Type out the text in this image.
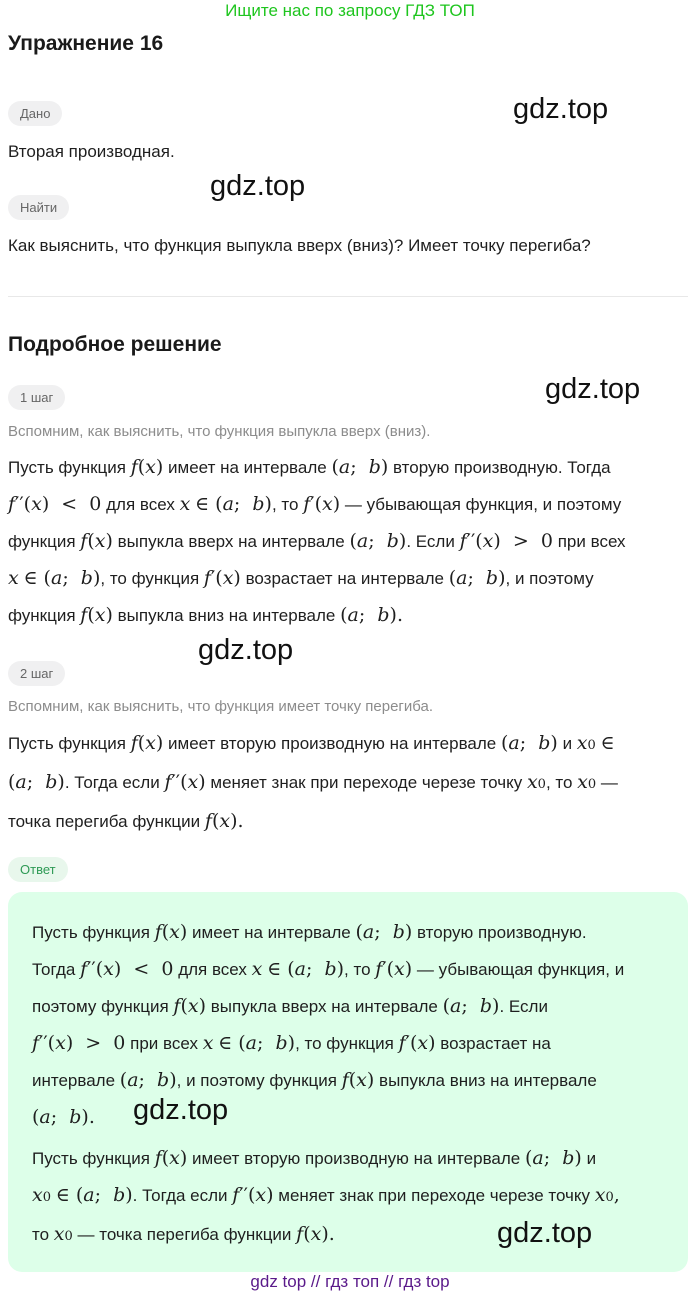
Ищите нас по запросу ГДЗ ТОП
Упражнение 16
Дано
Вторая производная.
Найти
Как выяснить, что функция выпукла вверх (вниз)? Имеет точку перегиба?
Подробное решение
1 шаг
Вспомним, как выяснить, что функция выпукла вверх (вниз).
Пусть функция f(x) имеет на интервале (a;  b) вторую производную. Тогда
f′′(x)  <  0 для всех x ∈ (a;  b), то f′(x) — убывающая функция, и поэтому
функция f(x) выпукла вверх на интервале (a;  b). Если f′′(x)  >  0 при всех
x ∈ (a;  b), то функция f′(x) возрастает на интервале (a;  b), и поэтому
функция f(x) выпукла вниз на интервале (a;  b).
2 шаг
Вспомним, как выяснить, что функция имеет точку перегиба.
Пусть функция f(x) имеет вторую производную на интервале (a;  b) и x0 ∈
(a;  b). Тогда если f′′(x) меняет знак при переходе черезе точку x0, то x0 —
точка перегиба функции f(x).
Ответ
Пусть функция f(x) имеет на интервале (a;  b) вторую производную.
Тогда f′′(x)  <  0 для всех x ∈ (a;  b), то f′(x) — убывающая функция, и
поэтому функция f(x) выпукла вверх на интервале (a;  b). Если
f′′(x)  >  0 при всех x ∈ (a;  b), то функция f′(x) возрастает на
интервале (a;  b), и поэтому функция f(x) выпукла вниз на интервале
(a;  b).
Пусть функция f(x) имеет вторую производную на интервале (a;  b) и
x0 ∈ (a;  b). Тогда если f′′(x) меняет знак при переходе черезе точку x0,
то x0 — точка перегиба функции f(x).
gdz.top
gdz.top
gdz.top
gdz.top
gdz.top
gdz.top
gdz top // гдз топ // гдз top
